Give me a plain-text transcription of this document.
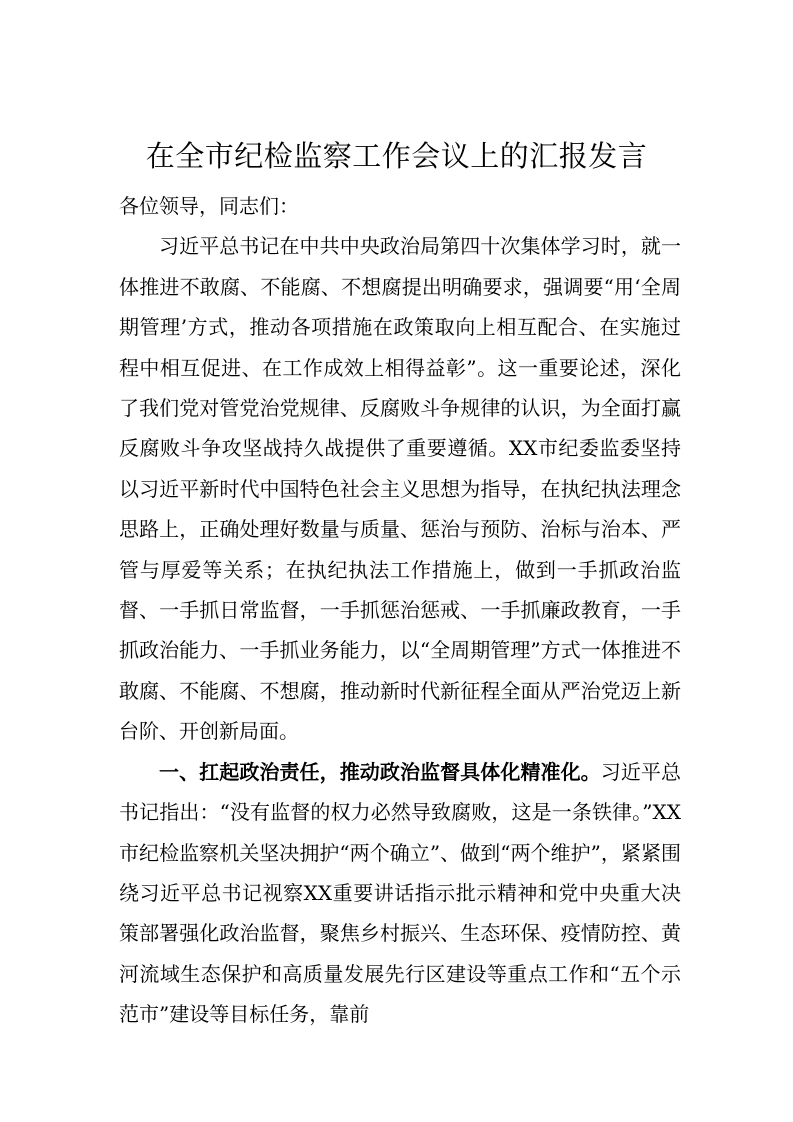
在全市纪检监察工作会议上的汇报发言

各位领导，同志们：

习近平总书记在中共中央政治局第四十次集体学习时，就一体推进不敢腐、不能腐、不想腐提出明确要求，强调要“用‘全周期管理’方式，推动各项措施在政策取向上相互配合、在实施过程中相互促进、在工作成效上相得益彰”。这一重要论述，深化了我们党对管党治党规律、反腐败斗争规律的认识，为全面打赢反腐败斗争攻坚战持久战提供了重要遵循。XX市纪委监委坚持以习近平新时代中国特色社会主义思想为指导，在执纪执法理念思路上，正确处理好数量与质量、惩治与预防、治标与治本、严管与厚爱等关系；在执纪执法工作措施上，做到一手抓政治监督、一手抓日常监督，一手抓惩治惩戒、一手抓廉政教育，一手抓政治能力、一手抓业务能力，以“全周期管理”方式一体推进不敢腐、不能腐、不想腐，推动新时代新征程全面从严治党迈上新台阶、开创新局面。

一、扛起政治责任，推动政治监督具体化精准化。习近平总书记指出：“没有监督的权力必然导致腐败，这是一条铁律。”XX市纪检监察机关坚决拥护“两个确立”、做到“两个维护”，紧紧围绕习近平总书记视察XX重要讲话指示批示精神和党中央重大决策部署强化政治监督，聚焦乡村振兴、生态环保、疫情防控、黄河流域生态保护和高质量发展先行区建设等重点工作和“五个示范市”建设等目标任务，靠前
